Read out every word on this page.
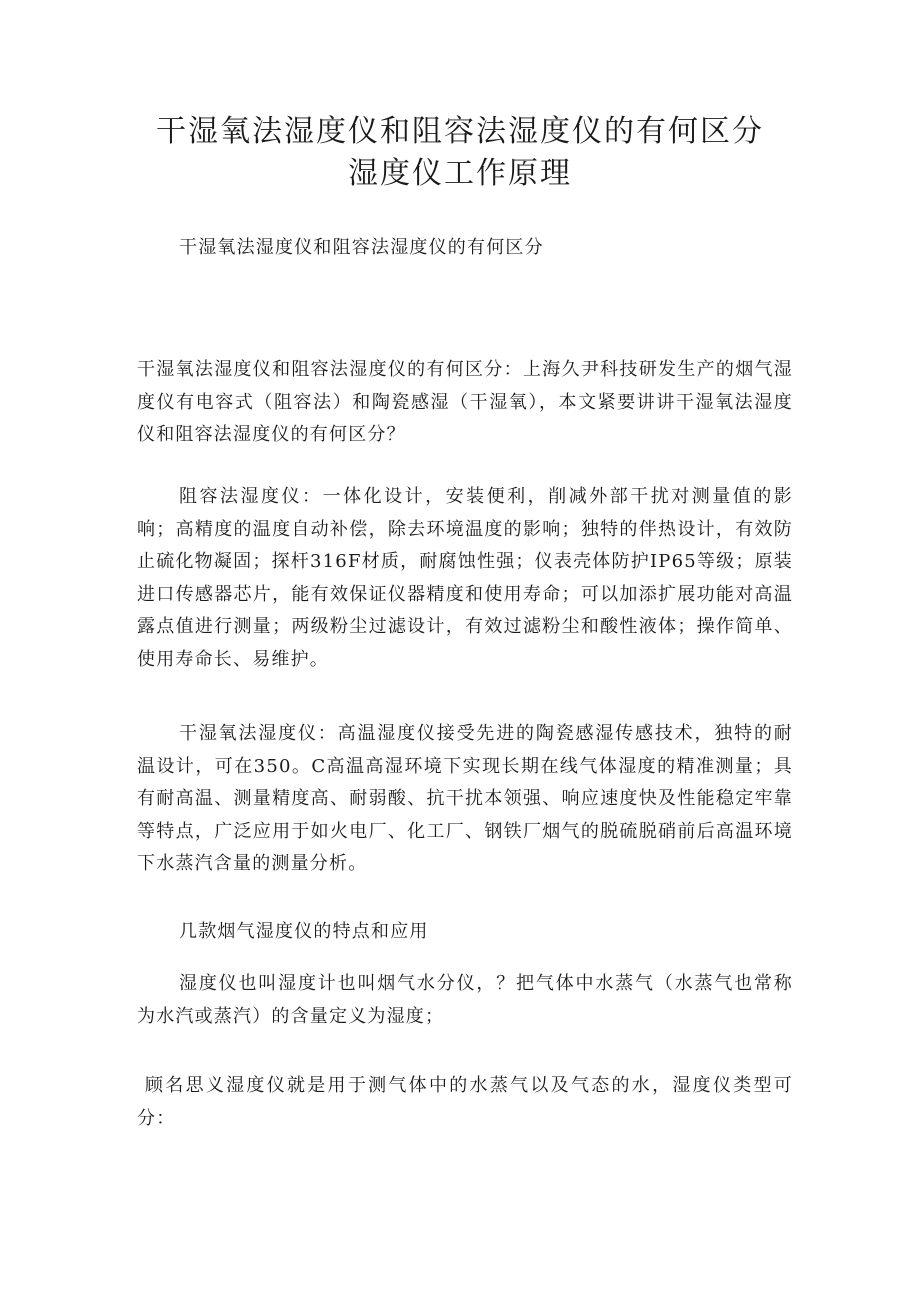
干湿氧法湿度仪和阻容法湿度仪的有何区分
湿度仪工作原理

干湿氧法湿度仪和阻容法湿度仪的有何区分

干湿氧法湿度仪和阻容法湿度仪的有何区分：上海久尹科技研发生产的烟气湿度仪有电容式（阻容法）和陶瓷感湿（干湿氧），本文紧要讲讲干湿氧法湿度仪和阻容法湿度仪的有何区分？

阻容法湿度仪：一体化设计，安装便利，削减外部干扰对测量值的影响；高精度的温度自动补偿，除去环境温度的影响；独特的伴热设计，有效防止硫化物凝固；探杆316F材质，耐腐蚀性强；仪表壳体防护IP65等级；原装进口传感器芯片，能有效保证仪器精度和使用寿命；可以加添扩展功能对高温露点值进行测量；两级粉尘过滤设计，有效过滤粉尘和酸性液体；操作简单、使用寿命长、易维护。

干湿氧法湿度仪：高温湿度仪接受先进的陶瓷感湿传感技术，独特的耐温设计，可在350。C高温高湿环境下实现长期在线气体湿度的精准测量；具有耐高温、测量精度高、耐弱酸、抗干扰本领强、响应速度快及性能稳定牢靠等特点，广泛应用于如火电厂、化工厂、钢铁厂烟气的脱硫脱硝前后高温环境下水蒸汽含量的测量分析。

几款烟气湿度仪的特点和应用

湿度仪也叫湿度计也叫烟气水分仪，？把气体中水蒸气（水蒸气也常称为水汽或蒸汽）的含量定义为湿度；

顾名思义湿度仪就是用于测气体中的水蒸气以及气态的水，湿度仪类型可分：
